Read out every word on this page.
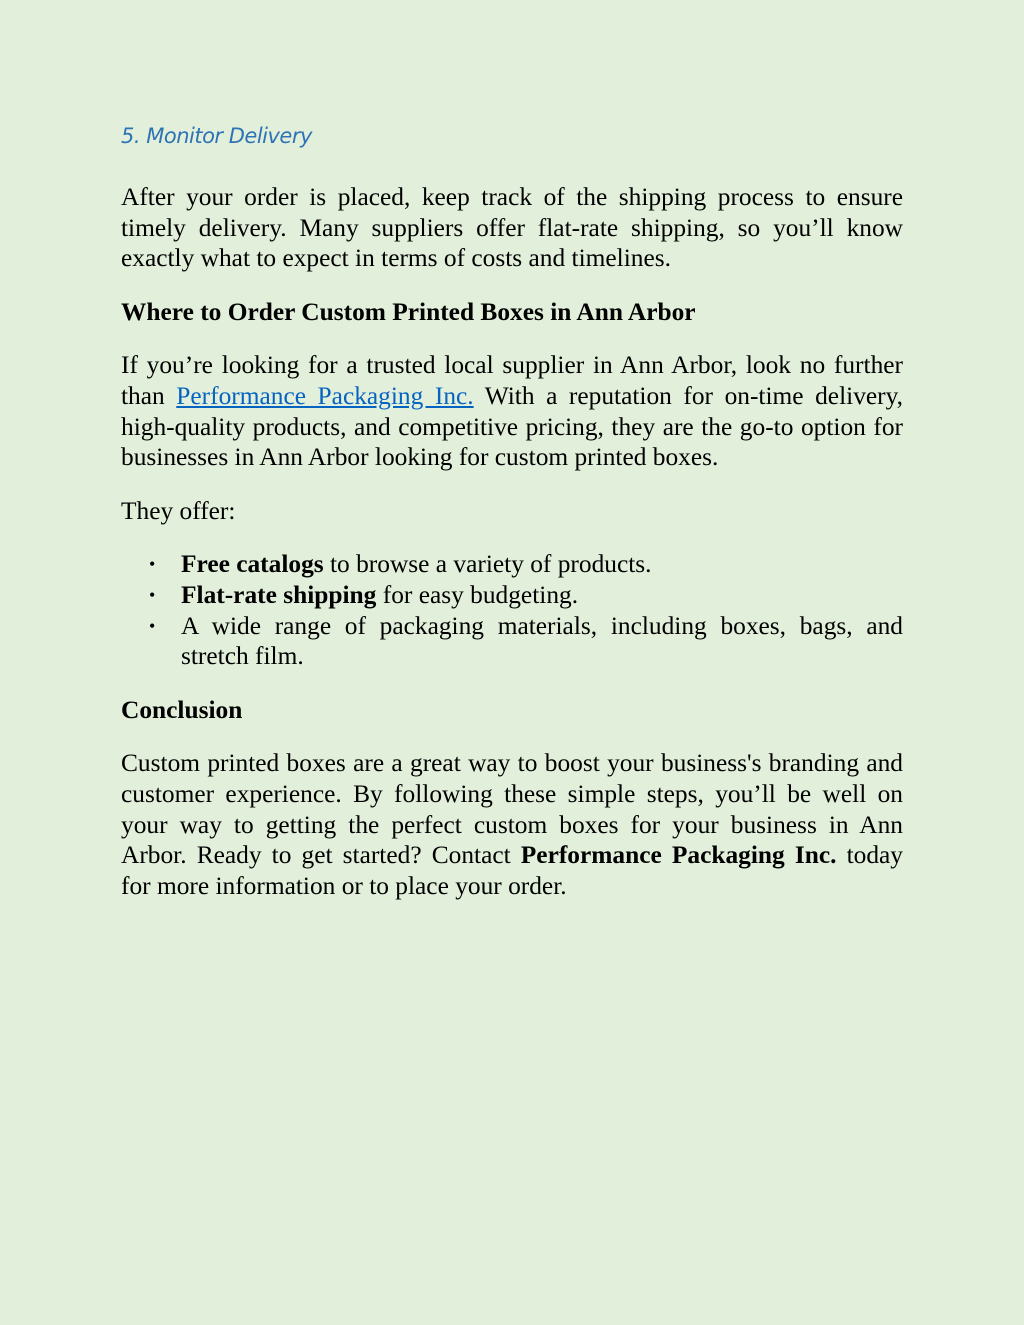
5. Monitor Delivery

After your order is placed, keep track of the shipping process to ensure timely delivery. Many suppliers offer flat-rate shipping, so you’ll know exactly what to expect in terms of costs and timelines.

Where to Order Custom Printed Boxes in Ann Arbor

If you’re looking for a trusted local supplier in Ann Arbor, look no further than Performance Packaging Inc. With a reputation for on-time delivery, high-quality products, and competitive pricing, they are the go-to option for businesses in Ann Arbor looking for custom printed boxes.

They offer:

• Free catalogs to browse a variety of products.
• Flat-rate shipping for easy budgeting.
• A wide range of packaging materials, including boxes, bags, and stretch film.
Conclusion

Custom printed boxes are a great way to boost your business's branding and customer experience. By following these simple steps, you’ll be well on your way to getting the perfect custom boxes for your business in Ann Arbor. Ready to get started? Contact Performance Packaging Inc. today for more information or to place your order.
